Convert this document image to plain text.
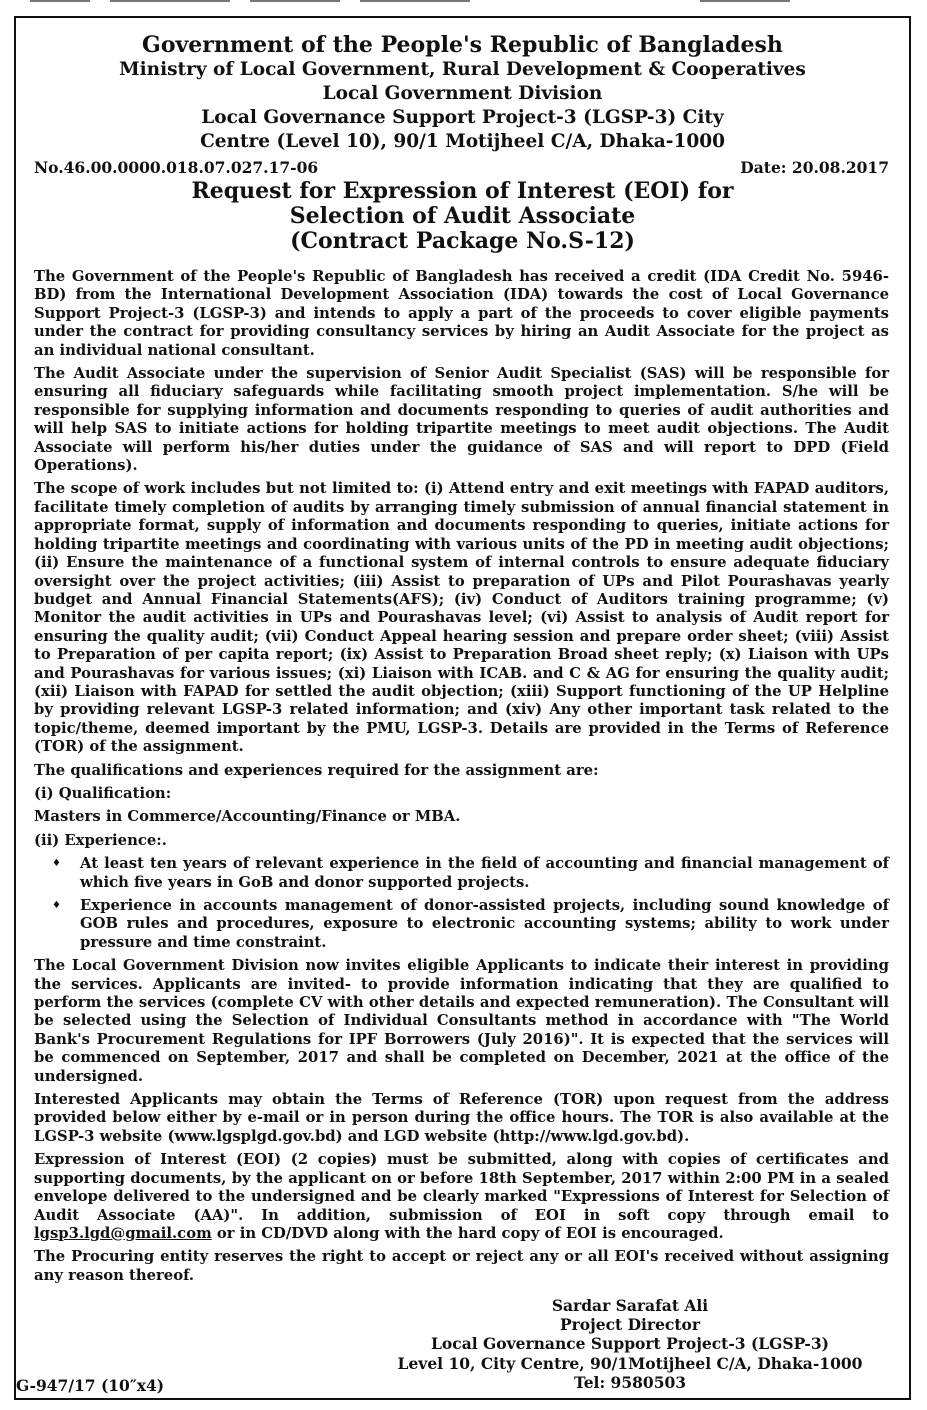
Government of the People's Republic of Bangladesh
Ministry of Local Government, Rural Development & Cooperatives
Local Government Division
Local Governance Support Project-3 (LGSP-3) City
Centre (Level 10), 90/1 Motijheel C/A, Dhaka-1000
No.46.00.0000.018.07.027.17-06	Date: 20.08.2017
Request for Expression of Interest (EOI) for
Selection of Audit Associate
(Contract Package No.S-12)

The Government of the People's Republic of Bangladesh has received a credit (IDA Credit No. 5946-BD) from the International Development Association (IDA) towards the cost of Local Governance Support Project-3 (LGSP-3) and intends to apply a part of the proceeds to cover eligible payments under the contract for providing consultancy services by hiring an Audit Associate for the project as an individual national consultant.

The Audit Associate under the supervision of Senior Audit Specialist (SAS) will be responsible for ensuring all fiduciary safeguards while facilitating smooth project implementation. S/he will be responsible for supplying information and documents responding to queries of audit authorities and will help SAS to initiate actions for holding tripartite meetings to meet audit objections. The Audit Associate will perform his/her duties under the guidance of SAS and will report to DPD (Field Operations).

The scope of work includes but not limited to: (i) Attend entry and exit meetings with FAPAD auditors, facilitate timely completion of audits by arranging timely submission of annual financial statement in appropriate format, supply of information and documents responding to queries, initiate actions for holding tripartite meetings and coordinating with various units of the PD in meeting audit objections; (ii) Ensure the maintenance of a functional system of internal controls to ensure adequate fiduciary oversight over the project activities; (iii) Assist to preparation of UPs and Pilot Pourashavas yearly budget and Annual Financial Statements(AFS); (iv) Conduct of Auditors training programme; (v) Monitor the audit activities in UPs and Pourashavas level; (vi) Assist to analysis of Audit report for ensuring the quality audit; (vii) Conduct Appeal hearing session and prepare order sheet; (viii) Assist to Preparation of per capita report; (ix) Assist to Preparation Broad sheet reply; (x) Liaison with UPs and Pourashavas for various issues; (xi) Liaison with ICAB. and C & AG for ensuring the quality audit; (xii) Liaison with FAPAD for settled the audit objection; (xiii) Support functioning of the UP Helpline by providing relevant LGSP-3 related information; and (xiv) Any other important task related to the topic/theme, deemed important by the PMU, LGSP-3. Details are provided in the Terms of Reference (TOR) of the assignment.

The qualifications and experiences required for the assignment are:

(i) Qualification:

Masters in Commerce/Accounting/Finance or MBA.

(ii) Experience:.

♦	At least ten years of relevant experience in the field of accounting and financial management of which five years in GoB and donor supported projects.
♦	Experience in accounts management of donor-assisted projects, including sound knowledge of GOB rules and procedures, exposure to electronic accounting systems; ability to work under pressure and time constraint.

The Local Government Division now invites eligible Applicants to indicate their interest in providing the services. Applicants are invited- to provide information indicating that they are qualified to perform the services (complete CV with other details and expected remuneration). The Consultant will be selected using the Selection of Individual Consultants method in accordance with "The World Bank's Procurement Regulations for IPF Borrowers (July 2016)". It is expected that the services will be commenced on September, 2017 and shall be completed on December, 2021 at the office of the undersigned.

Interested Applicants may obtain the Terms of Reference (TOR) upon request from the address provided below either by e-mail or in person during the office hours. The TOR is also available at the LGSP-3 website (www.lgsplgd.gov.bd) and LGD website (http://www.lgd.gov.bd).

Expression of Interest (EOI) (2 copies) must be submitted, along with copies of certificates and supporting documents, by the applicant on or before 18th September, 2017 within 2:00 PM in a sealed envelope delivered to the undersigned and be clearly marked "Expressions of Interest for Selection of Audit Associate (AA)". In addition, submission of EOI in soft copy through email to lgsp3.lgd@gmail.com or in CD/DVD along with the hard copy of EOI is encouraged.

The Procuring entity reserves the right to accept or reject any or all EOI's received without assigning any reason thereof.

Sardar Sarafat Ali
Project Director
Local Governance Support Project-3 (LGSP-3)
Level 10, City Centre, 90/1Motijheel C/A, Dhaka-1000
Tel: 9580503
G-947/17 (10″x4)
